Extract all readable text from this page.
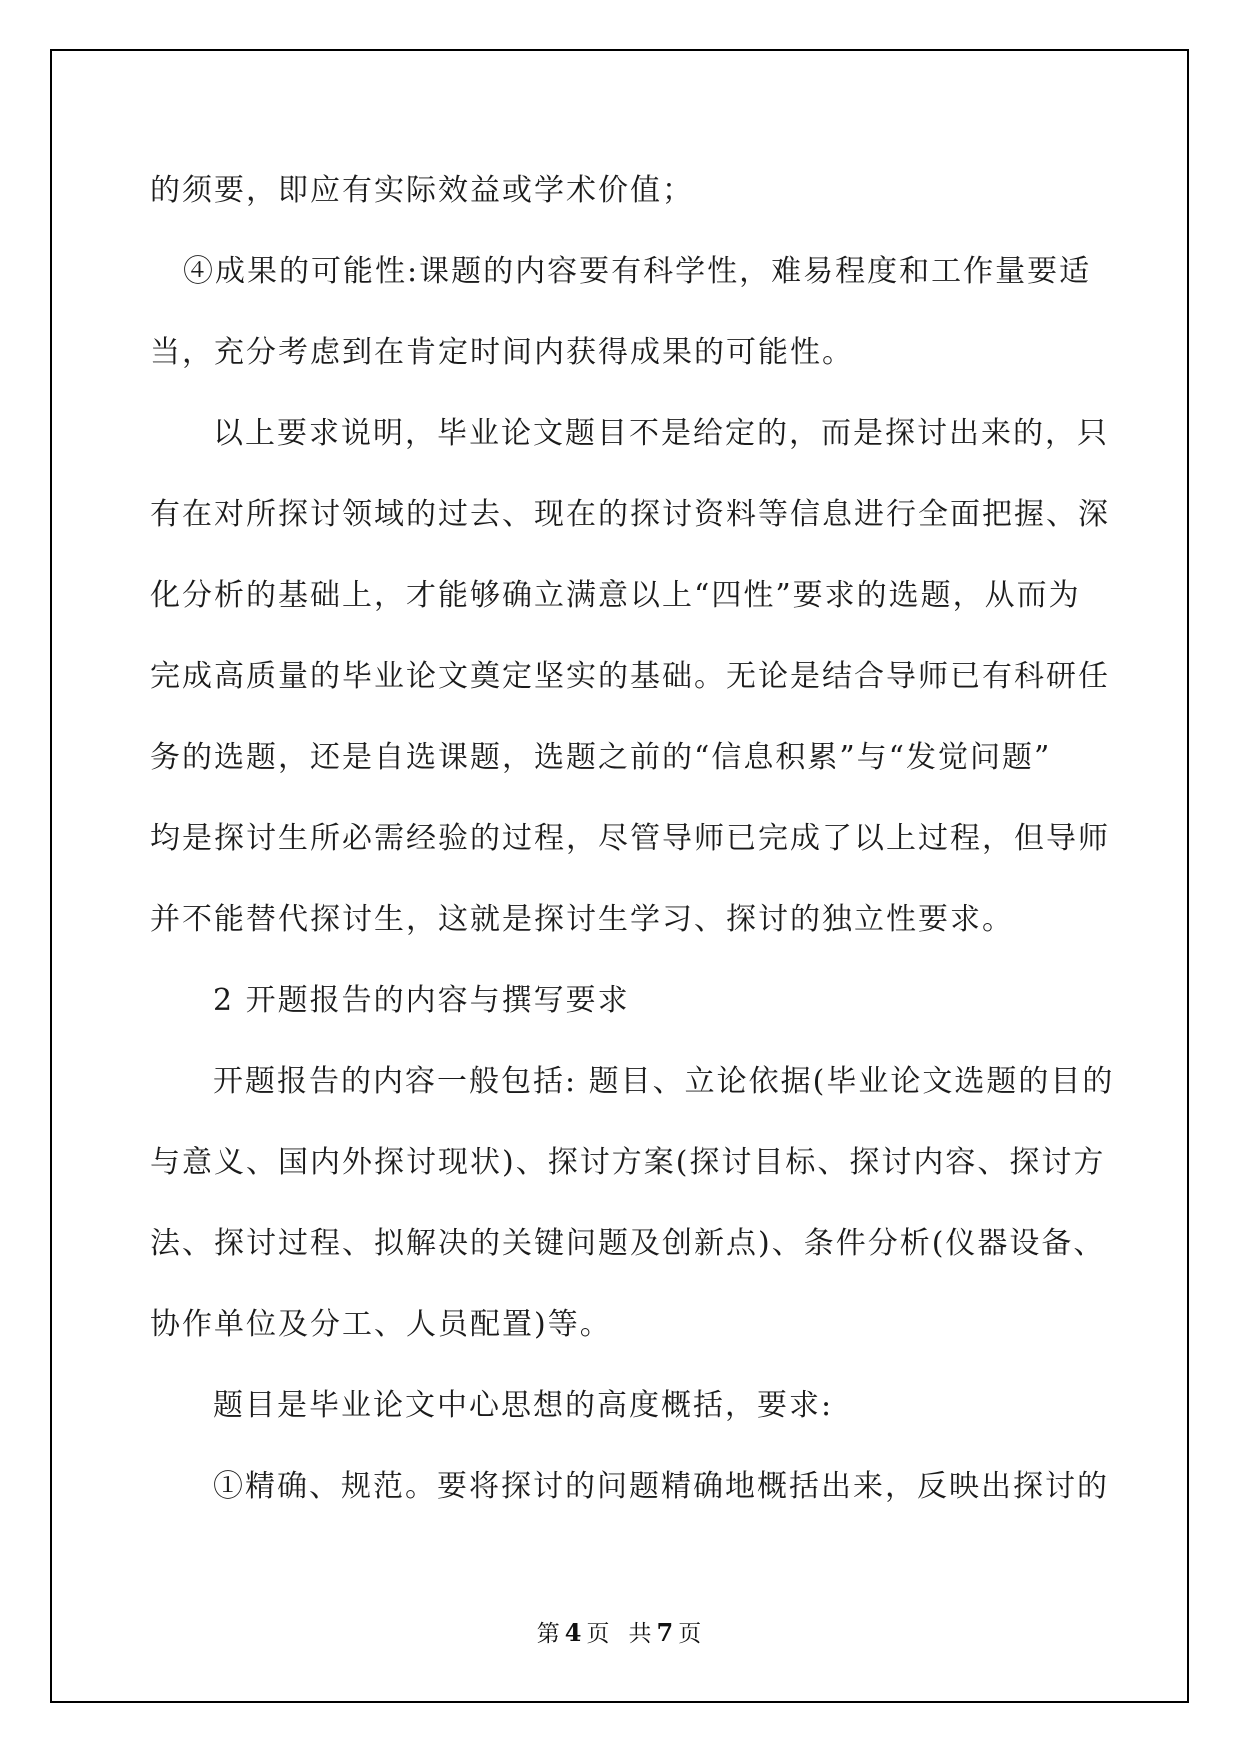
的须要，即应有实际效益或学术价值；
④成果的可能性:课题的内容要有科学性，难易程度和工作量要适
当，充分考虑到在肯定时间内获得成果的可能性。
以上要求说明，毕业论文题目不是给定的，而是探讨出来的，只
有在对所探讨领域的过去、现在的探讨资料等信息进行全面把握、深
化分析的基础上，才能够确立满意以上“四性”要求的选题，从而为
完成高质量的毕业论文奠定坚实的基础。无论是结合导师已有科研任
务的选题，还是自选课题，选题之前的“信息积累”与“发觉问题”
均是探讨生所必需经验的过程，尽管导师已完成了以上过程，但导师
并不能替代探讨生，这就是探讨生学习、探讨的独立性要求。
2 开题报告的内容与撰写要求
开题报告的内容一般包括: 题目、立论依据(毕业论文选题的目的
与意义、国内外探讨现状)、探讨方案(探讨目标、探讨内容、探讨方
法、探讨过程、拟解决的关键问题及创新点)、条件分析(仪器设备、
协作单位及分工、人员配置)等。
题目是毕业论文中心思想的高度概括，要求:
①精确、规范。要将探讨的问题精确地概括出来，反映出探讨的
第 4 页 共 7 页
